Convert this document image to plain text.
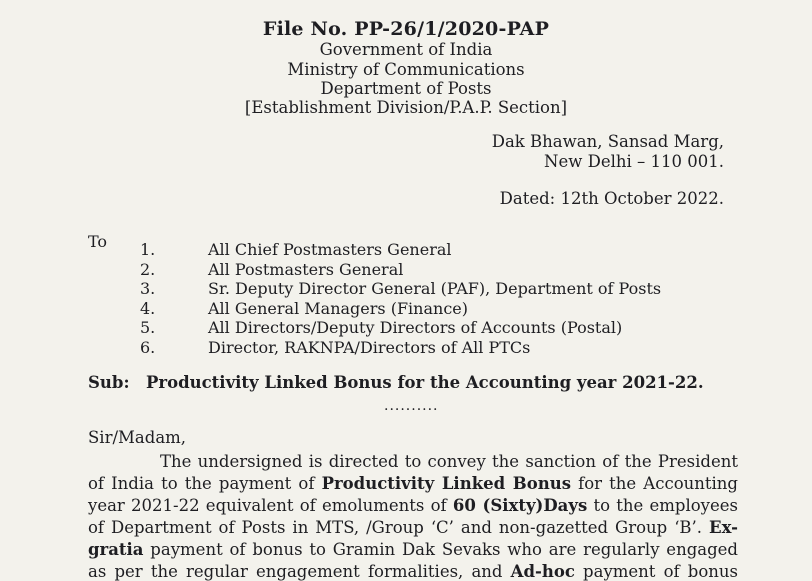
File No. PP-26/1/2020-PAP
Government of India
Ministry of Communications
Department of Posts
[Establishment Division/P.A.P. Section]
Dak Bhawan, Sansad Marg,
New Delhi – 110 001.
Dated: 12th October 2022.
To 1.	All Chief Postmasters General
2.	All Postmasters General
3.	Sr. Deputy Director General (PAF), Department of Posts
4.	All General Managers (Finance)
5.	All Directors/Deputy Directors of Accounts (Postal)
6.	Director, RAKNPA/Directors of All PTCs
Sub: Productivity Linked Bonus for the Accounting year 2021-22.
..........
Sir/Madam,
The undersigned is directed to convey the sanction of the President
of India to the payment of Productivity Linked Bonus for the Accounting
year 2021-22 equivalent of emoluments of 60 (Sixty)Days to the employees
of Department of Posts in MTS, /Group ‘C’ and non-gazetted Group ‘B’. Ex-
gratia payment of bonus to Gramin Dak Sevaks who are regularly engaged
as per the regular engagement formalities, and Ad-hoc payment of bonus
